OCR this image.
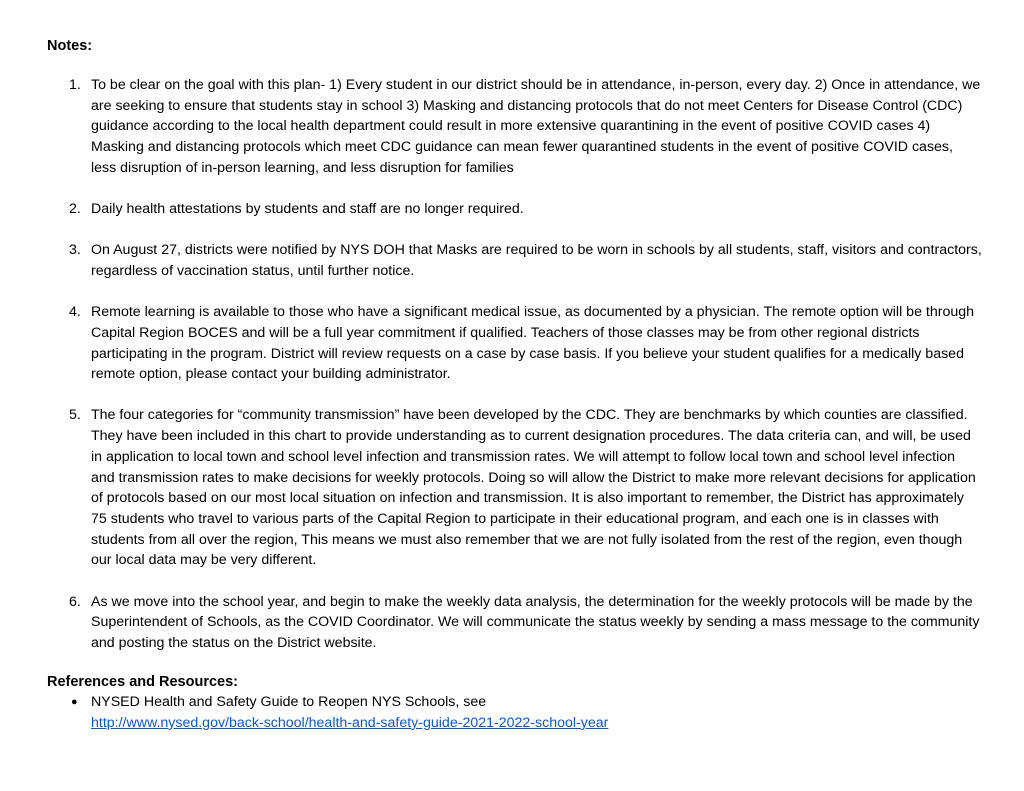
Notes:
1. To be clear on the goal with this plan- 1) Every student in our district should be in attendance, in-person, every day. 2) Once in attendance, we are seeking to ensure that students stay in school 3) Masking and distancing protocols that do not meet Centers for Disease Control (CDC) guidance according to the local health department could result in more extensive quarantining in the event of positive COVID cases 4) Masking and distancing protocols which meet CDC guidance can mean fewer quarantined students in the event of positive COVID cases, less disruption of in-person learning, and less disruption for families
2. Daily health attestations by students and staff are no longer required.
3. On August 27, districts were notified by NYS DOH that Masks are required to be worn in schools by all students, staff, visitors and contractors, regardless of vaccination status, until further notice.
4. Remote learning is available to those who have a significant medical issue, as documented by a physician. The remote option will be through Capital Region BOCES and will be a full year commitment if qualified. Teachers of those classes may be from other regional districts participating in the program. District will review requests on a case by case basis. If you believe your student qualifies for a medically based remote option, please contact your building administrator.
5. The four categories for “community transmission” have been developed by the CDC. They are benchmarks by which counties are classified. They have been included in this chart to provide understanding as to current designation procedures. The data criteria can, and will, be used in application to local town and school level infection and transmission rates. We will attempt to follow local town and school level infection and transmission rates to make decisions for weekly protocols. Doing so will allow the District to make more relevant decisions for application of protocols based on our most local situation on infection and transmission. It is also important to remember, the District has approximately 75 students who travel to various parts of the Capital Region to participate in their educational program, and each one is in classes with students from all over the region, This means we must also remember that we are not fully isolated from the rest of the region, even though our local data may be very different.
6. As we move into the school year, and begin to make the weekly data analysis, the determination for the weekly protocols will be made by the Superintendent of Schools, as the COVID Coordinator. We will communicate the status weekly by sending a mass message to the community and posting the status on the District website.
References and Resources:
● NYSED Health and Safety Guide to Reopen NYS Schools, see
http://www.nysed.gov/back-school/health-and-safety-guide-2021-2022-school-year
